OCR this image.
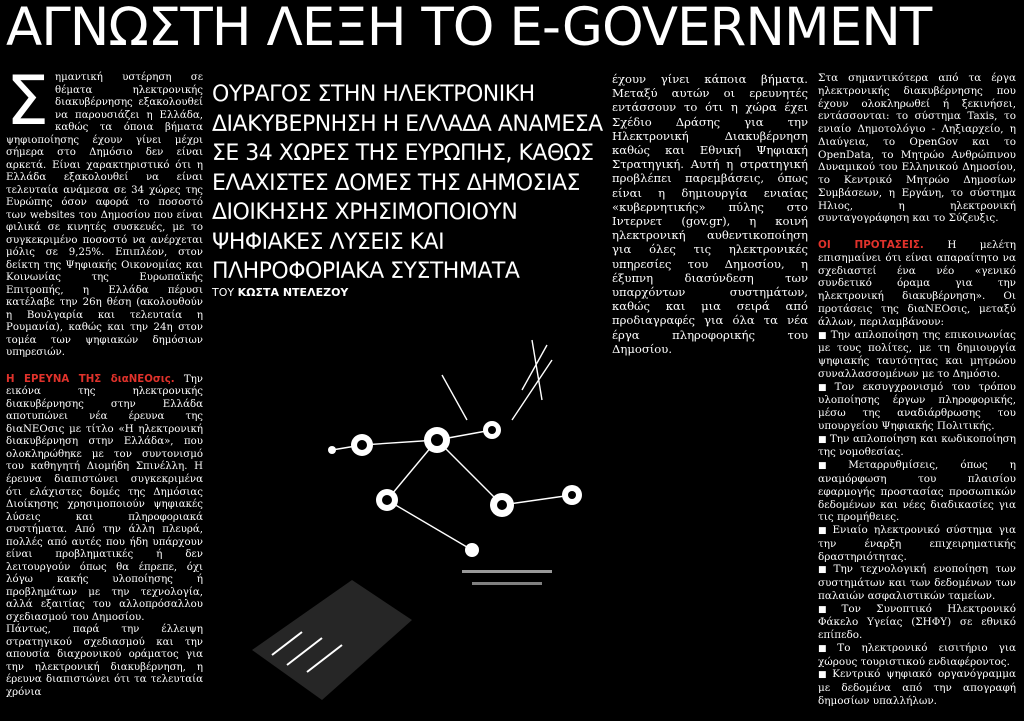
ΑΓΝΩΣΤΗ ΛΕΞΗ ΤΟ E-GOVERNMENT
Σ ημαντική υστέρηση σε θέματα ηλεκτρονικής διακυβέρνησης εξακολουθεί να παρουσιάζει η Ελλάδα, καθώς τα όποια βήματα ψηφιοποίησης έχουν γίνει μέχρι σήμερα στο Δημόσιο δεν είναι αρκετά. Είναι χαρακτηριστικό ότι η Ελλάδα εξακολουθεί να είναι τελευταία ανάμεσα σε 34 χώρες της Ευρώπης όσον αφορά το ποσοστό των websites του Δημοσίου που είναι φιλικά σε κινητές συσκευές, με το συγκεκριμένο ποσοστό να ανέρχεται μόλις σε 9,25%. Επιπλέον, στον δείκτη της Ψηφιακής Οικονομίας και Κοινωνίας της Ευρωπαϊκής Επιτροπής, η Ελλάδα πέρυσι κατέλαβε την 26η θέση (ακολουθούν η Βουλγαρία και τελευταία η Ρουμανία), καθώς και την 24η στον τομέα των ψηφιακών δημόσιων υπηρεσιών.

Η ΕΡΕΥΝΑ ΤΗΣ διαΝΕΟσις. Την εικόνα της ηλεκτρονικής διακυβέρνησης στην Ελλάδα αποτυπώνει νέα έρευνα της διαΝΕΟσις με τίτλο «Η ηλεκτρονική διακυβέρνηση στην Ελλάδα», που ολοκληρώθηκε με τον συντονισμό του καθηγητή Διομήδη Σπινέλλη. Η έρευνα διαπιστώνει συγκεκριμένα ότι ελάχιστες δομές της Δημόσιας Διοίκησης χρησιμοποιούν ψηφιακές λύσεις και πληροφοριακά συστήματα. Από την άλλη πλευρά, πολλές από αυτές που ήδη υπάρχουν είναι προβληματικές ή δεν λειτουργούν όπως θα έπρεπε, όχι λόγω κακής υλοποίησης ή προβλημάτων με την τεχνολογία, αλλά εξαιτίας του αλλοπρόσαλλου σχεδιασμού του Δημοσίου.

Πάντως, παρά την έλλειψη στρατηγικού σχεδιασμού και την απουσία διαχρονικού οράματος για την ηλεκτρονική διακυβέρνηση, η έρευνα διαπιστώνει ότι τα τελευταία χρόνια

ΟΥΡΑΓΟΣ ΣΤΗΝ ΗΛΕΚΤΡΟΝΙΚΗ ΔΙΑΚΥΒΕΡΝΗΣΗ Η ΕΛΛΑΔΑ ΑΝΑΜΕΣΑ ΣΕ 34 ΧΩΡΕΣ ΤΗΣ ΕΥΡΩΠΗΣ, ΚΑΘΩΣ ΕΛΑΧΙΣΤΕΣ ΔΟΜΕΣ ΤΗΣ ΔΗΜΟΣΙΑΣ ΔΙΟΙΚΗΣΗΣ ΧΡΗΣΙΜΟΠΟΙΟΥΝ ΨΗΦΙΑΚΕΣ ΛΥΣΕΙΣ ΚΑΙ ΠΛΗΡΟΦΟΡΙΑΚΑ ΣΥΣΤΗΜΑΤΑ
ΤΟΥ ΚΩΣΤΑ ΝΤΕΛΕΖΟΥ

έχουν γίνει κάποια βήματα. Μεταξύ αυτών οι ερευνητές εντάσσουν το ότι η χώρα έχει Σχέδιο Δράσης για την Ηλεκτρονική Διακυβέρνηση καθώς και Εθνική Ψηφιακή Στρατηγική. Αυτή η στρατηγική προβλέπει παρεμβάσεις, όπως είναι η δημιουργία ενιαίας «κυβερνητικής» πύλης στο Ιντερνετ (gov.gr), η κοινή ηλεκτρονική αυθεντικοποίηση για όλες τις ηλεκτρονικές υπηρεσίες του Δημοσίου, η έξυπνη διασύνδεση των υπαρχόντων συστημάτων, καθώς και μια σειρά από προδιαγραφές για όλα τα νέα έργα πληροφορικής του Δημοσίου.

Στα σημαντικότερα από τα έργα ηλεκτρονικής διακυβέρνησης που έχουν ολοκληρωθεί ή ξεκινήσει, εντάσσονται: το σύστημα Taxis, το ενιαίο Δημοτολόγιο - Ληξιαρχείο, η Διαύγεια, το OpenGov και το OpenData, το Μητρώο Ανθρώπινου Δυναμικού του Ελληνικού Δημοσίου, το Κεντρικό Μητρώο Δημοσίων Συμβάσεων, η Εργάνη, το σύστημα Ηλιος, η ηλεκτρονική συνταγογράφηση και το Σύζευξις.

ΟΙ ΠΡΟΤΑΣΕΙΣ. Η μελέτη επισημαίνει ότι είναι απαραίτητο να σχεδιαστεί ένα νέο «γενικό συνδετικό όραμα για την ηλεκτρονική διακυβέρνηση». Οι προτάσεις της διαΝΕΟσις, μεταξύ άλλων, περιλαμβάνουν:

■ Την απλοποίηση της επικοινωνίας με τους πολίτες, με τη δημιουργία ψηφιακής ταυτότητας και μητρώου συναλλασσομένων με το Δημόσιο.
■ Τον εκσυγχρονισμό του τρόπου υλοποίησης έργων πληροφορικής, μέσω της αναδιάρθρωσης του υπουργείου Ψηφιακής Πολιτικής.
■ Την απλοποίηση και κωδικοποίηση της νομοθεσίας.
■ Μεταρρυθμίσεις, όπως η αναμόρφωση του πλαισίου εφαρμογής προστασίας προσωπικών δεδομένων και νέες διαδικασίες για τις προμήθειες.
■ Ενιαίο ηλεκτρονικό σύστημα για την έναρξη επιχειρηματικής δραστηριότητας.
■ Την τεχνολογική ενοποίηση των συστημάτων και των δεδομένων των παλαιών ασφαλιστικών ταμείων.
■ Τον Συνοπτικό Ηλεκτρονικό Φάκελο Υγείας (ΣΗΦΥ) σε εθνικό επίπεδο.
■ Το ηλεκτρονικό εισιτήριο για χώρους τουριστικού ενδιαφέροντος.
■ Κεντρικό ψηφιακό οργανόγραμμα με δεδομένα από την απογραφή δημοσίων υπαλλήλων.
